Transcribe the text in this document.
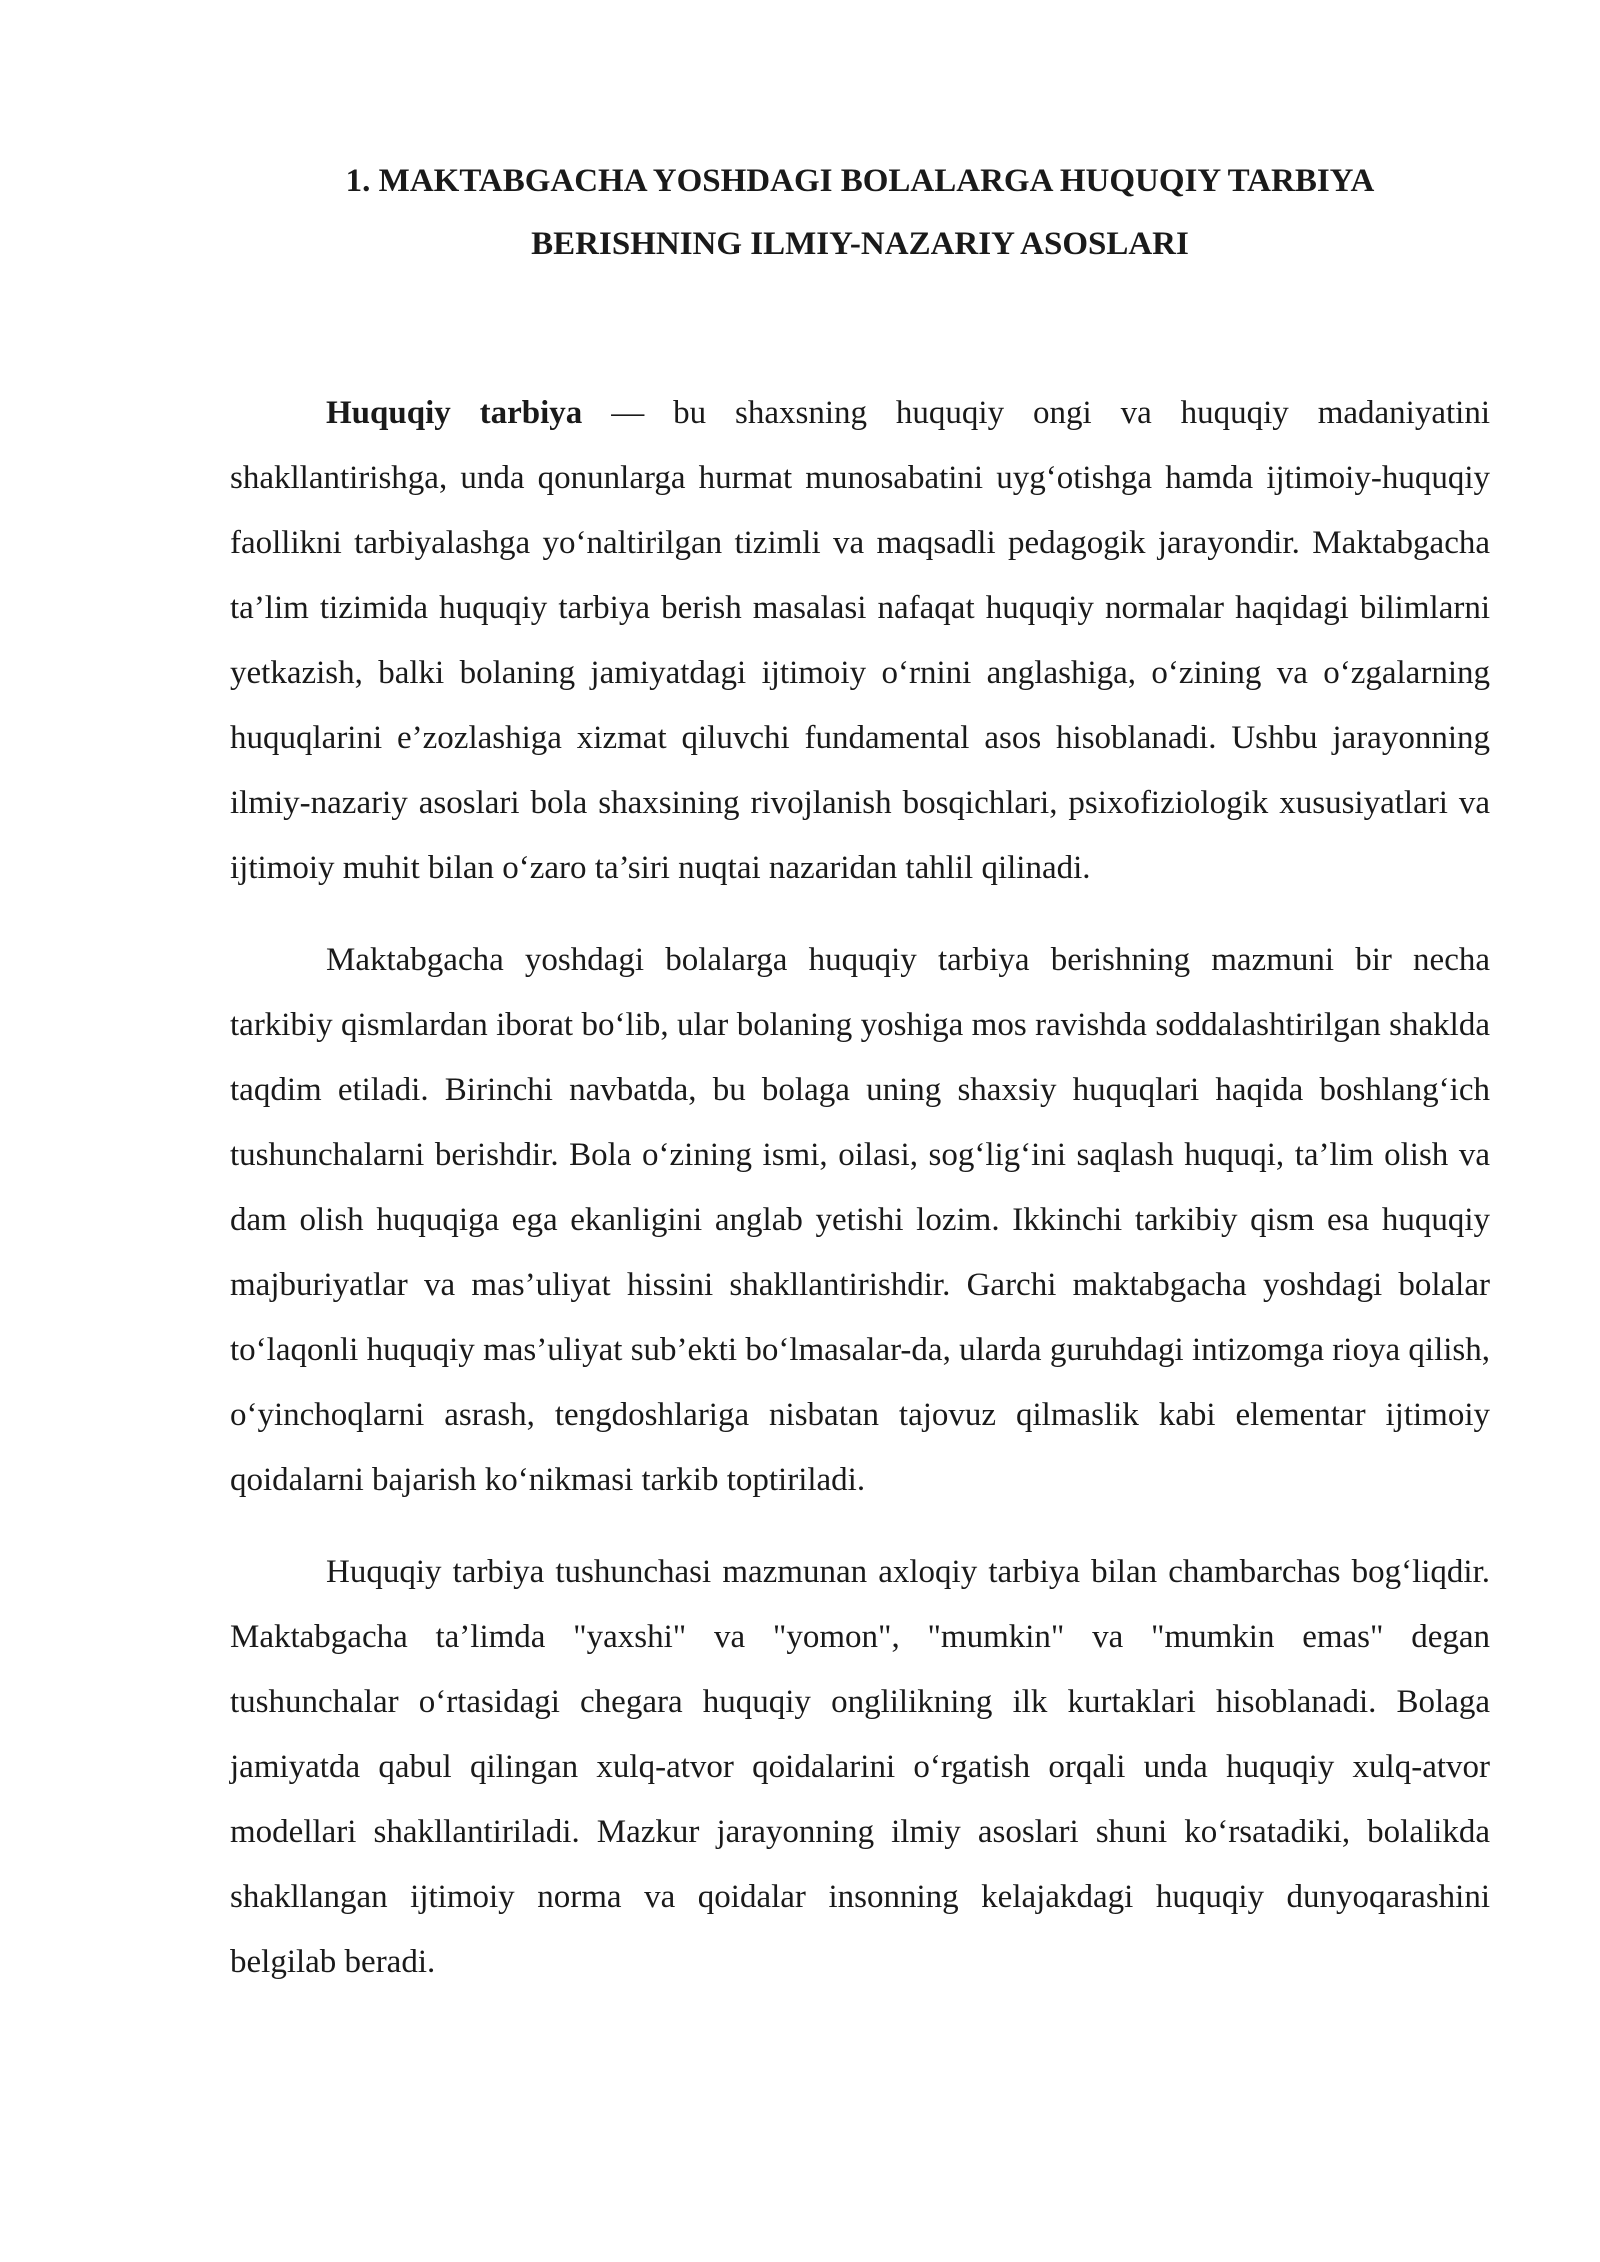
1. MAKTABGACHA YOSHDAGI BOLALARGA HUQUQIY TARBIYA
BERISHNING ILMIY-NAZARIY ASOSLARI

Huquqiy tarbiya — bu shaxsning huquqiy ongi va huquqiy madaniyatini shakllantirishga, unda qonunlarga hurmat munosabatini uyg‘otishga hamda ijtimoiy-huquqiy faollikni tarbiyalashga yo‘naltirilgan tizimli va maqsadli pedagogik jarayondir. Maktabgacha ta’lim tizimida huquqiy tarbiya berish masalasi nafaqat huquqiy normalar haqidagi bilimlarni yetkazish, balki bolaning jamiyatdagi ijtimoiy o‘rnini anglashiga, o‘zining va o‘zgalarning huquqlarini e’zozlashiga xizmat qiluvchi fundamental asos hisoblanadi. Ushbu jarayonning ilmiy-nazariy asoslari bola shaxsining rivojlanish bosqichlari, psixofiziologik xususiyatlari va ijtimoiy muhit bilan o‘zaro ta’siri nuqtai nazaridan tahlil qilinadi.

Maktabgacha yoshdagi bolalarga huquqiy tarbiya berishning mazmuni bir necha tarkibiy qismlardan iborat bo‘lib, ular bolaning yoshiga mos ravishda soddalashtirilgan shaklda taqdim etiladi. Birinchi navbatda, bu bolaga uning shaxsiy huquqlari haqida boshlang‘ich tushunchalarni berishdir. Bola o‘zining ismi, oilasi, sog‘lig‘ini saqlash huquqi, ta’lim olish va dam olish huquqiga ega ekanligini anglab yetishi lozim. Ikkinchi tarkibiy qism esa huquqiy majburiyatlar va mas’uliyat hissini shakllantirishdir. Garchi maktabgacha yoshdagi bolalar to‘laqonli huquqiy mas’uliyat sub’ekti bo‘lmasalar-da, ularda guruhdagi intizomga rioya qilish, o‘yinchoqlarni asrash, tengdoshlariga nisbatan tajovuz qilmaslik kabi elementar ijtimoiy qoidalarni bajarish ko‘nikmasi tarkib toptiriladi.

Huquqiy tarbiya tushunchasi mazmunan axloqiy tarbiya bilan chambarchas bog‘liqdir. Maktabgacha ta’limda "yaxshi" va "yomon", "mumkin" va "mumkin emas" degan tushunchalar o‘rtasidagi chegara huquqiy onglilikning ilk kurtaklari hisoblanadi. Bolaga jamiyatda qabul qilingan xulq-atvor qoidalarini o‘rgatish orqali unda huquqiy xulq-atvor modellari shakllantiriladi. Mazkur jarayonning ilmiy asoslari shuni ko‘rsatadiki, bolalikda shakllangan ijtimoiy norma va qoidalar insonning kelajakdagi huquqiy dunyoqarashini belgilab beradi.
